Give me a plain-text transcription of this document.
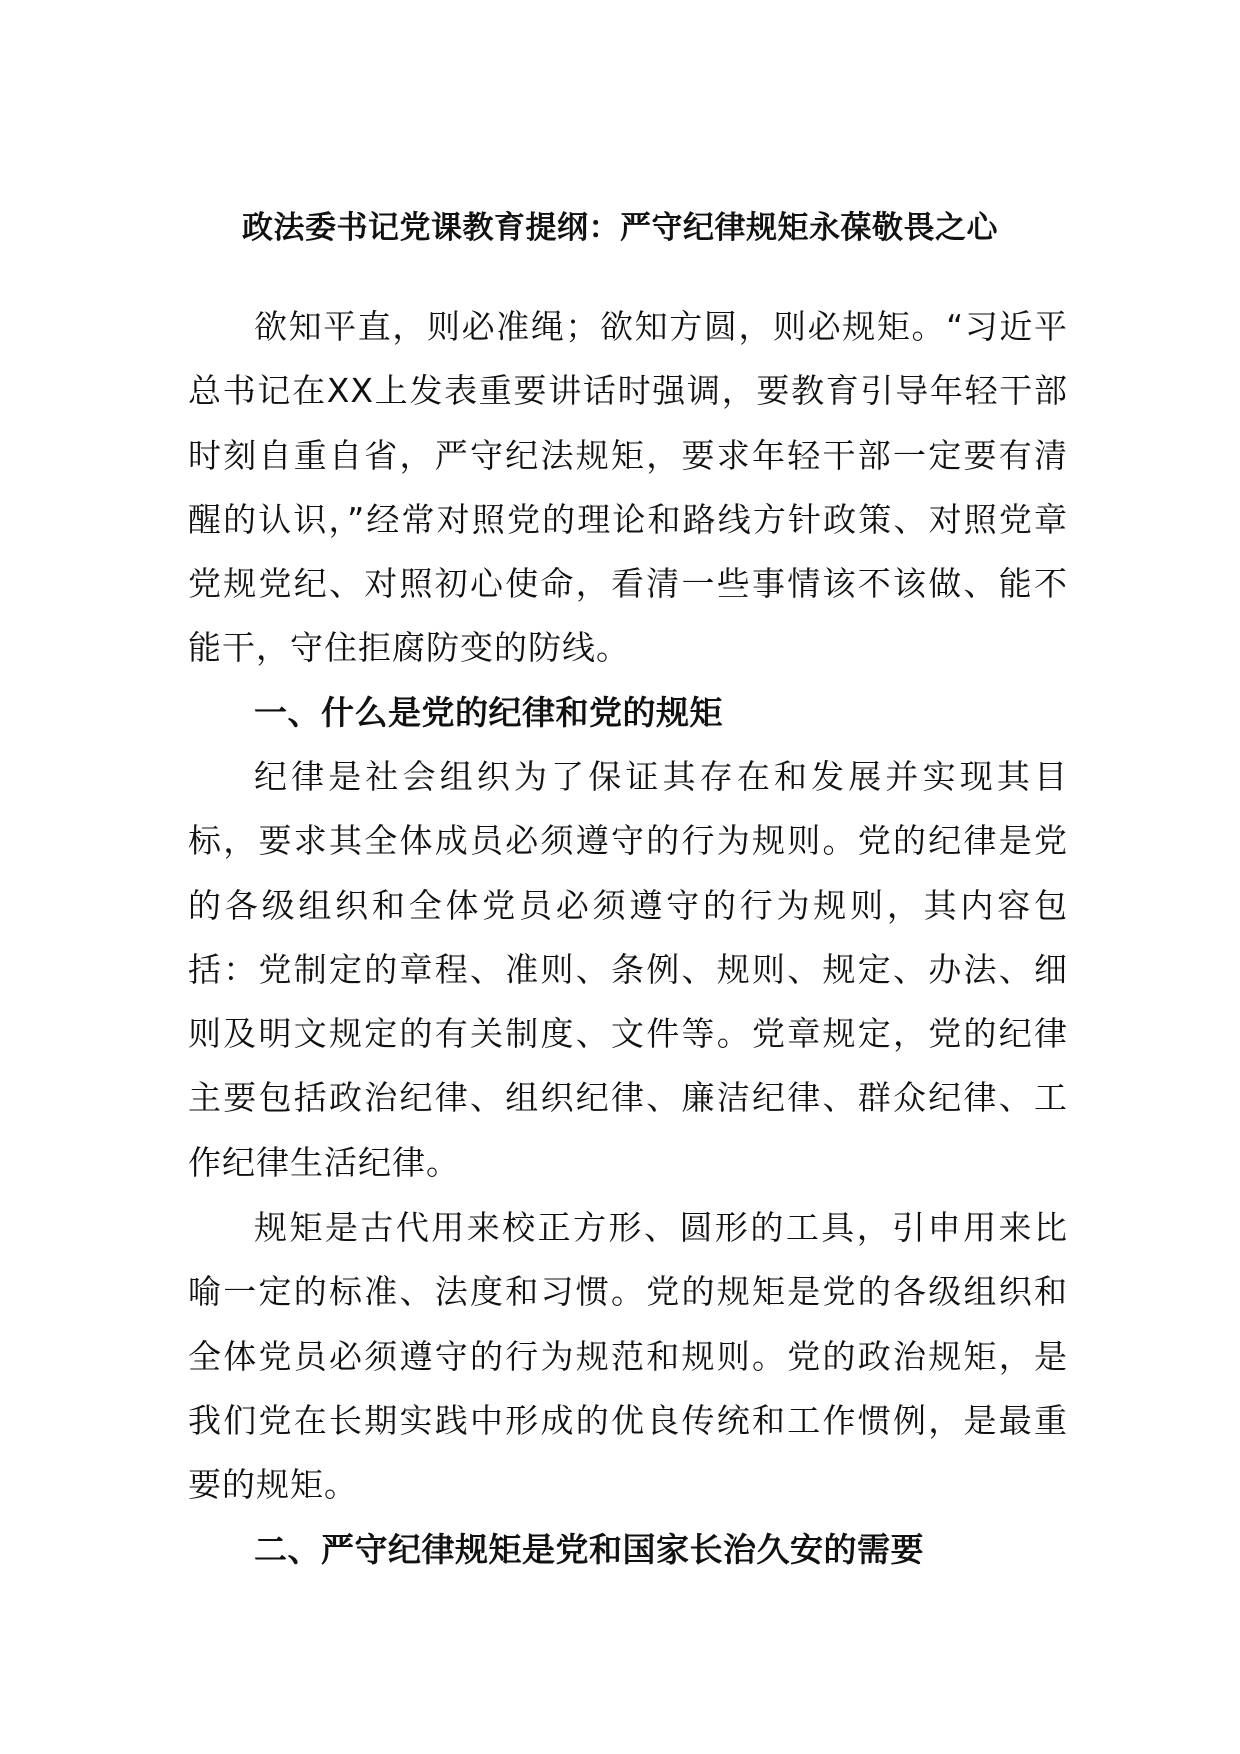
政法委书记党课教育提纲：严守纪律规矩永葆敬畏之心

欲知平直，则必准绳；欲知方圆，则必规矩。“习近平总书记在XX上发表重要讲话时强调，要教育引导年轻干部时刻自重自省，严守纪法规矩，要求年轻干部一定要有清醒的认识，”经常对照党的理论和路线方针政策、对照党章党规党纪、对照初心使命，看清一些事情该不该做、能不能干，守住拒腐防变的防线。

一、什么是党的纪律和党的规矩

纪律是社会组织为了保证其存在和发展并实现其目标，要求其全体成员必须遵守的行为规则。党的纪律是党的各级组织和全体党员必须遵守的行为规则，其内容包括：党制定的章程、准则、条例、规则、规定、办法、细则及明文规定的有关制度、文件等。党章规定，党的纪律主要包括政治纪律、组织纪律、廉洁纪律、群众纪律、工作纪律生活纪律。

规矩是古代用来校正方形、圆形的工具，引申用来比喻一定的标准、法度和习惯。党的规矩是党的各级组织和全体党员必须遵守的行为规范和规则。党的政治规矩，是我们党在长期实践中形成的优良传统和工作惯例，是最重要的规矩。

二、严守纪律规矩是党和国家长治久安的需要
